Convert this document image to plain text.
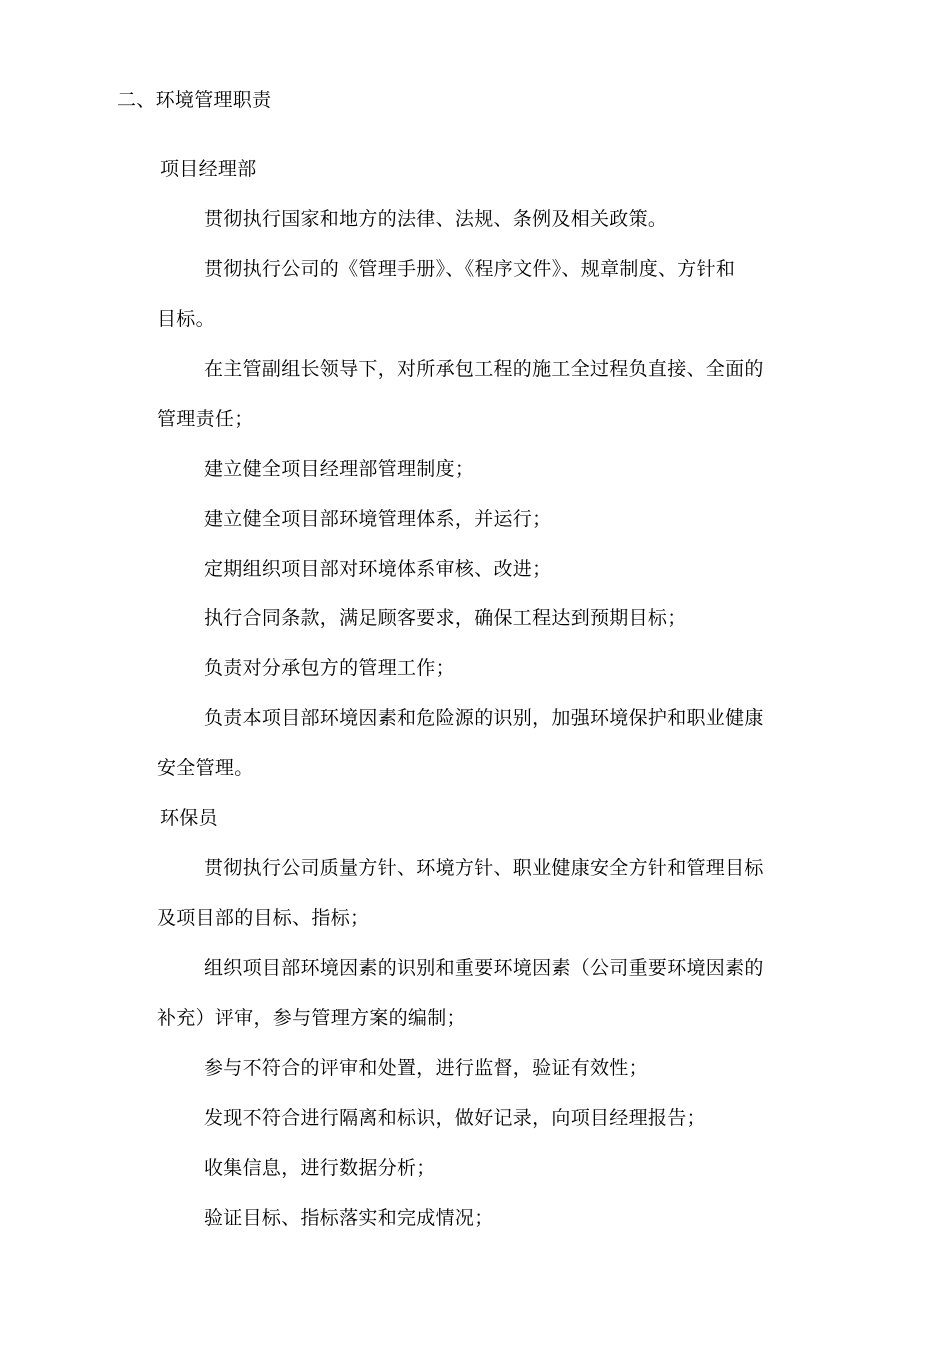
二、环境管理职责
项目经理部
贯彻执行国家和地方的法律、法规、条例及相关政策。
贯彻执行公司的《管理手册》、《程序文件》、规章制度、方针和
目标。
在主管副组长领导下，对所承包工程的施工全过程负直接、全面的
管理责任；
建立健全项目经理部管理制度；
建立健全项目部环境管理体系，并运行；
定期组织项目部对环境体系审核、改进；
执行合同条款，满足顾客要求，确保工程达到预期目标；
负责对分承包方的管理工作；
负责本项目部环境因素和危险源的识别，加强环境保护和职业健康
安全管理。
环保员
贯彻执行公司质量方针、环境方针、职业健康安全方针和管理目标
及项目部的目标、指标；
组织项目部环境因素的识别和重要环境因素（公司重要环境因素的
补充）评审，参与管理方案的编制；
参与不符合的评审和处置，进行监督，验证有效性；
发现不符合进行隔离和标识，做好记录，向项目经理报告；
收集信息，进行数据分析；
验证目标、指标落实和完成情况；
